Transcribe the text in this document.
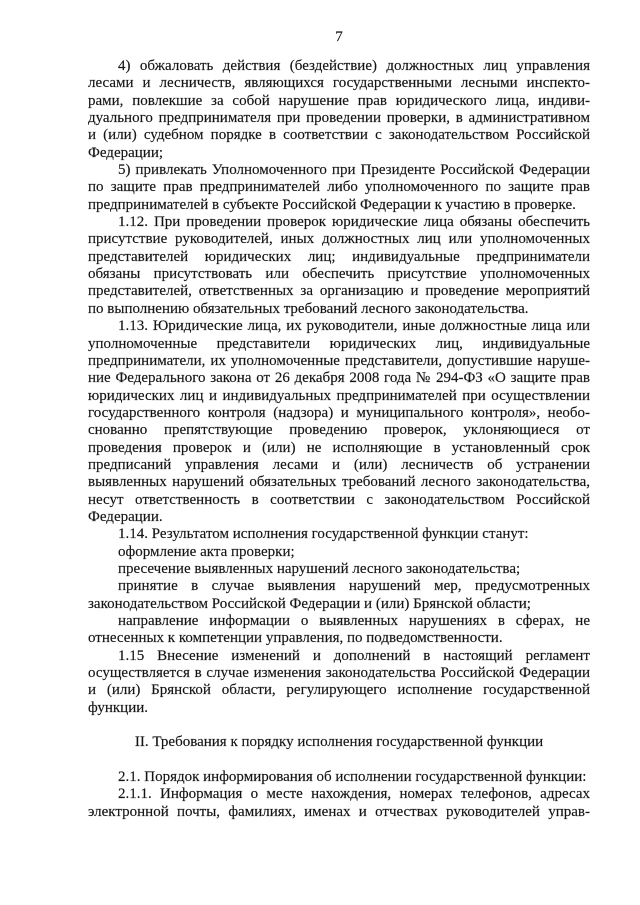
7
4) обжаловать действия (бездействие) должностных лиц управления
лесами и лесничеств, являющихся государственными лесными инспекто-
рами, повлекшие за собой нарушение прав юридического лица, индиви-
дуального предпринимателя при проведении проверки, в административном
и (или) судебном порядке в соответствии с законодательством Российской
Федерации;
5) привлекать Уполномоченного при Президенте Российской Федерации
по защите прав предпринимателей либо уполномоченного по защите прав
предпринимателей в субъекте Российской Федерации к участию в проверке.
1.12. При проведении проверок юридические лица обязаны обеспечить
присутствие руководителей, иных должностных лиц или уполномоченных
представителей юридических лиц; индивидуальные предприниматели
обязаны присутствовать или обеспечить присутствие уполномоченных
представителей, ответственных за организацию и проведение мероприятий
по выполнению обязательных требований лесного законодательства.
1.13. Юридические лица, их руководители, иные должностные лица или
уполномоченные представители юридических лиц, индивидуальные
предприниматели, их уполномоченные представители, допустившие наруше-
ние Федерального закона от 26 декабря 2008 года № 294-ФЗ «О защите прав
юридических лиц и индивидуальных предпринимателей при осуществлении
государственного контроля (надзора) и муниципального контроля», необо-
снованно препятствующие проведению проверок, уклоняющиеся от
проведения проверок и (или) не исполняющие в установленный срок
предписаний управления лесами и (или) лесничеств об устранении
выявленных нарушений обязательных требований лесного законодательства,
несут ответственность в соответствии с законодательством Российской
Федерации.
1.14. Результатом исполнения государственной функции станут:
оформление акта проверки;
пресечение выявленных нарушений лесного законодательства;
принятие в случае выявления нарушений мер, предусмотренных
законодательством Российской Федерации и (или) Брянской области;
направление информации о выявленных нарушениях в сферах, не
отнесенных к компетенции управления, по подведомственности.
1.15 Внесение изменений и дополнений в настоящий регламент
осуществляется в случае изменения законодательства Российской Федерации
и (или) Брянской области, регулирующего исполнение государственной
функции.
II. Требования к порядку исполнения государственной функции
2.1. Порядок информирования об исполнении государственной функции:
2.1.1. Информация о месте нахождения, номерах телефонов, адресах
электронной почты, фамилиях, именах и отчествах руководителей управ-
